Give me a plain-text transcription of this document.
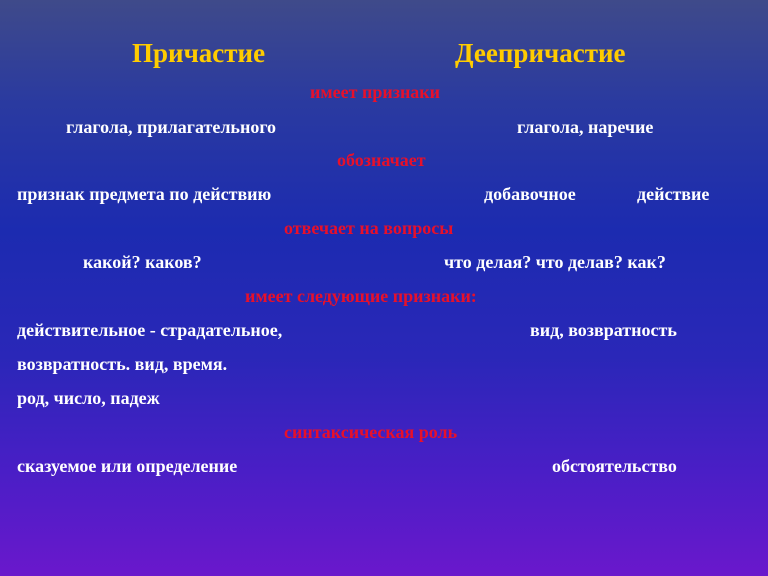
Причастие	Деепричастие
имеет признаки
глагола, прилагательного	глагола, наречие
обозначает
признак предмета по действию	добавочное	действие
отвечает на вопросы
какой? каков?	что делая? что делав? как?
имеет следующие признаки:
действительное - страдательное,	вид, возвратность
возвратность. вид, время.
род, число, падеж
синтаксическая роль
сказуемое или определение	обстоятельство
